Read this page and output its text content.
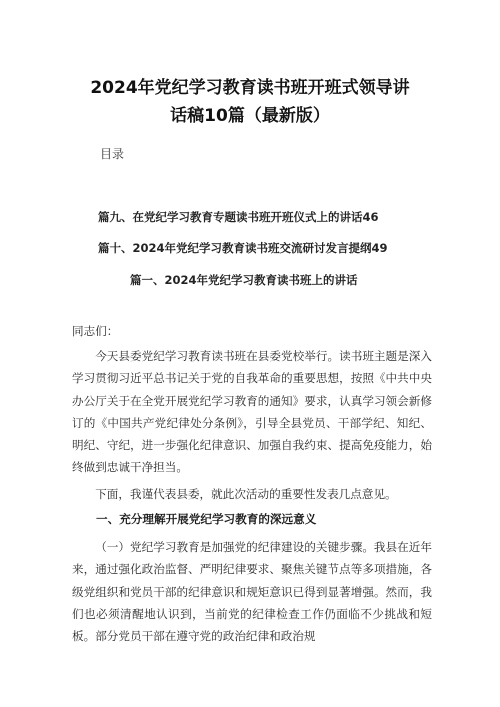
2024年党纪学习教育读书班开班式领导讲
话稿10篇（最新版）
目录
篇九、在党纪学习教育专题读书班开班仪式上的讲话46
篇十、2024年党纪学习教育读书班交流研讨发言提纲49
篇一、2024年党纪学习教育读书班上的讲话

同志们：

今天县委党纪学习教育读书班在县委党校举行。读书班主题是深入学习贯彻习近平总书记关于党的自我革命的重要思想，按照《中共中央办公厅关于在全党开展党纪学习教育的通知》要求，认真学习领会新修订的《中国共产党纪律处分条例》，引导全县党员、干部学纪、知纪、明纪、守纪，进一步强化纪律意识、加强自我约束、提高免疫能力，始终做到忠诚干净担当。

下面，我谨代表县委，就此次活动的重要性发表几点意见。

一、充分理解开展党纪学习教育的深远意义

（一）党纪学习教育是加强党的纪律建设的关键步骤。我县在近年来，通过强化政治监督、严明纪律要求、聚焦关键节点等多项措施，各级党组织和党员干部的纪律意识和规矩意识已得到显著增强。然而，我们也必须清醒地认识到，当前党的纪律检查工作仍面临不少挑战和短板。部分党员干部在遵守党的政治纪律和政治规
